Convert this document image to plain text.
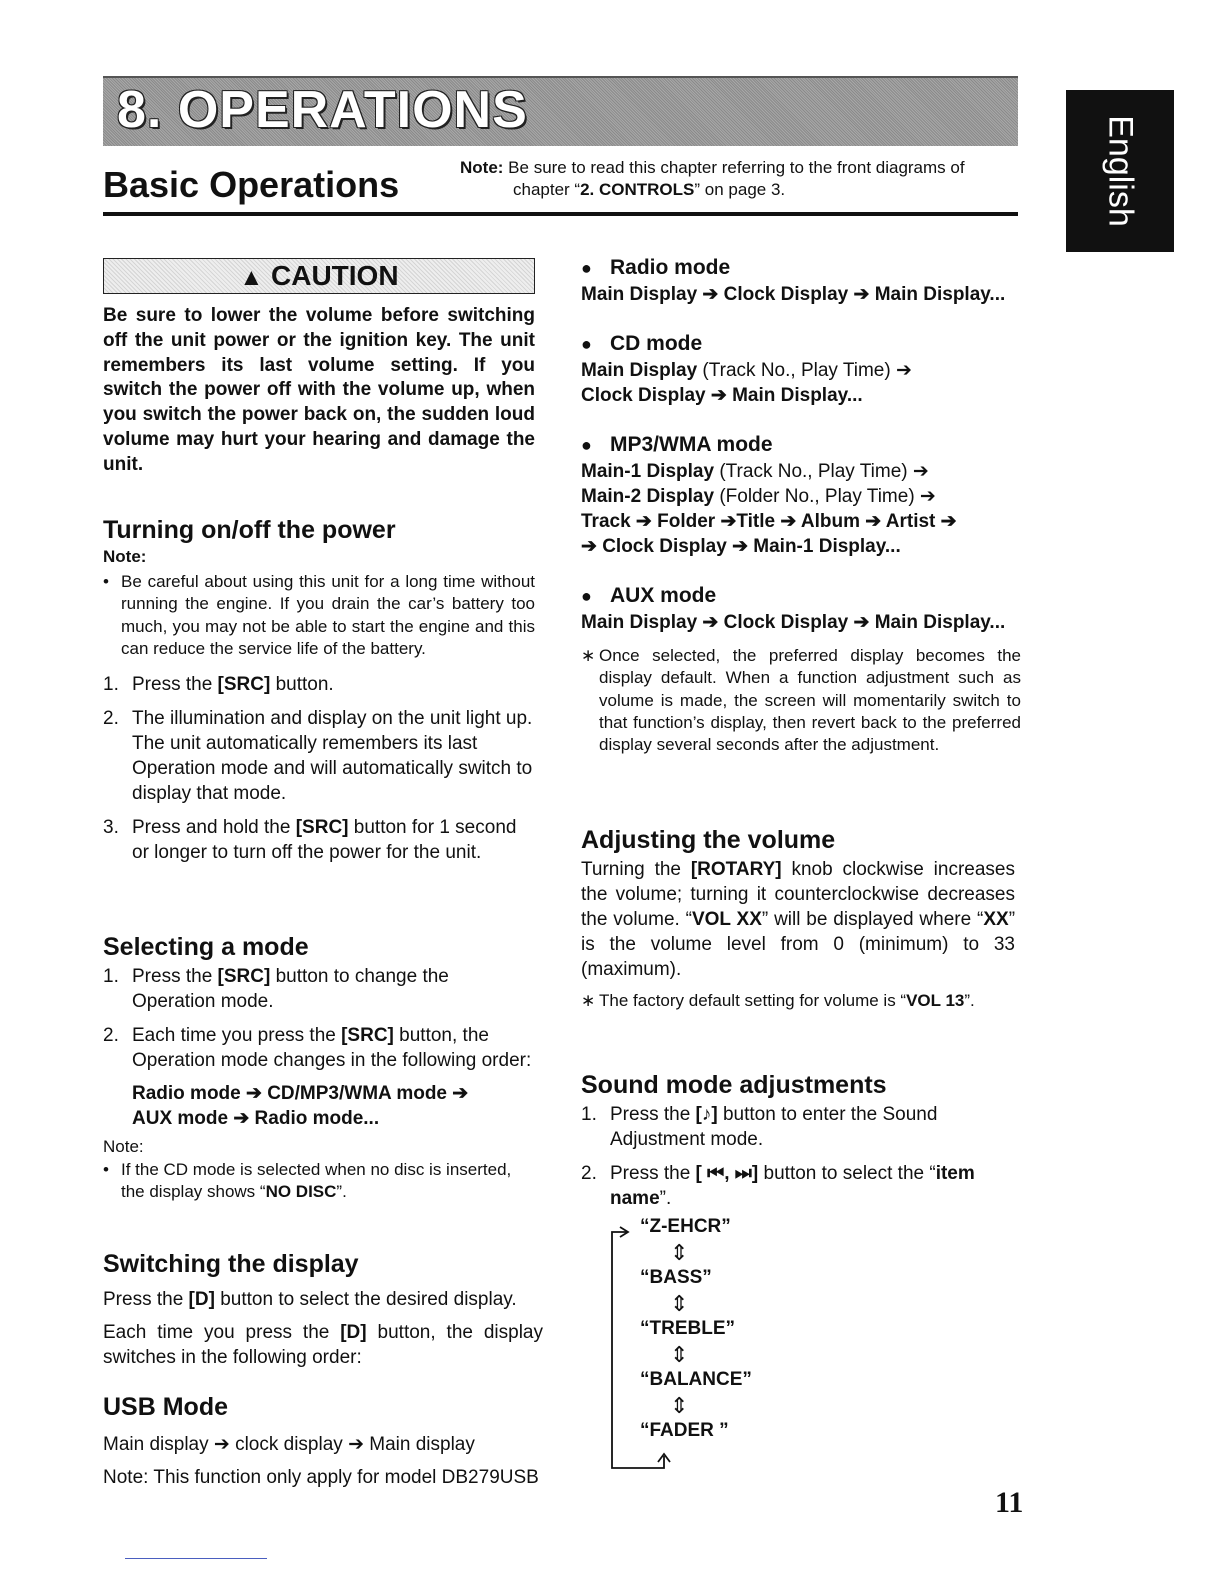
8. OPERATIONS
English
Basic Operations	Note: Be sure to read this chapter referring to the front diagrams of
chapter “2. CONTROLS” on page 3.
▲ CAUTION
Be sure to lower the volume before switching off the unit power or the ignition key. The unit remembers its last volume setting. If you switch the power off with the volume up, when you switch the power back on, the sudden loud volume may hurt your hearing and damage the unit.
Turning on/off the power
Note:
• Be careful about using this unit for a long time without running the engine. If you drain the car’s battery too much, you may not be able to start the engine and this can reduce the service life of the battery.
1. Press the [SRC] button.
2. The illumination and display on the unit light up. The unit automatically remembers its last Operation mode and will automatically switch to display that mode.
3. Press and hold the [SRC] button for 1 second or longer to turn off the power for the unit.
Selecting a mode
1. Press the [SRC] button to change the Operation mode.
2. Each time you press the [SRC] button, the Operation mode changes in the following order:
Radio mode ➔ CD/MP3/WMA mode ➔
AUX mode ➔ Radio mode...
Note:
• If the CD mode is selected when no disc is inserted, the display shows “NO DISC”.
Switching the display
Press the [D] button to select the desired display.
Each time you press the [D] button, the display switches in the following order:
USB Mode
Main display ➔ clock display ➔ Main display
Note: This function only apply for model DB279USB
● Radio mode
Main Display ➔ Clock Display ➔ Main Display...
● CD mode
Main Display (Track No., Play Time) ➔
Clock Display ➔ Main Display...
● MP3/WMA mode
Main-1 Display (Track No., Play Time) ➔
Main-2 Display (Folder No., Play Time) ➔
Track ➔ Folder ➔Title ➔ Album ➔ Artist ➔
➔ Clock Display ➔ Main-1 Display...
● AUX mode
Main Display ➔ Clock Display ➔ Main Display...
∗ Once selected, the preferred display becomes the display default. When a function adjustment such as volume is made, the screen will momentarily switch to that function’s display, then revert back to the preferred display several seconds after the adjustment.
Adjusting the volume
Turning the [ROTARY] knob clockwise increases the volume; turning it counterclockwise decreases the volume. “VOL XX” will be displayed where “XX” is the volume level from 0 (minimum) to 33 (maximum).
∗ The factory default setting for volume is “VOL 13”.
Sound mode adjustments
1. Press the [♪] button to enter the Sound Adjustment mode.
2. Press the [ ⏮, ⏭] button to select the “item name”.
“Z-EHCR”
⇕
“BASS”
⇕
“TREBLE”
⇕
“BALANCE”
⇕
“FADER ”
11
